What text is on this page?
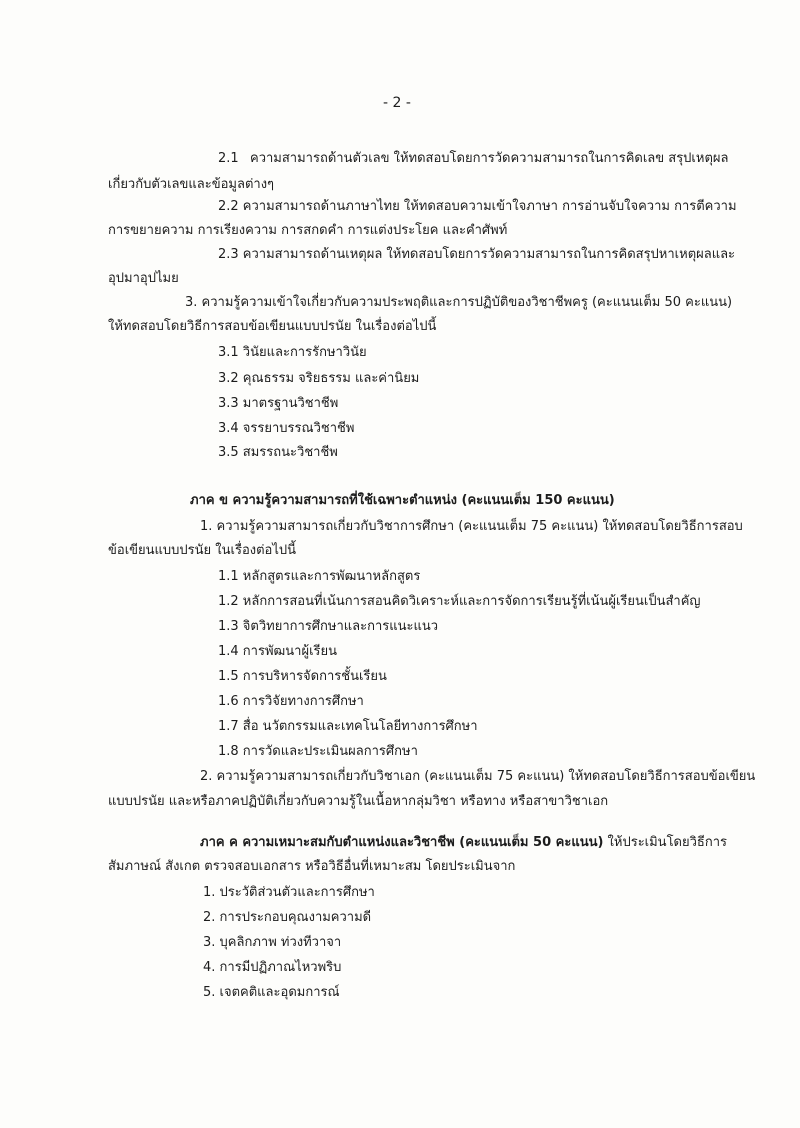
- 2 -
2.1 ความสามารถด้านตัวเลข ให้ทดสอบโดยการวัดความสามารถในการคิดเลข สรุปเหตุผล
เกี่ยวกับตัวเลขและข้อมูลต่างๆ
2.2 ความสามารถด้านภาษาไทย ให้ทดสอบความเข้าใจภาษา การอ่านจับใจความ การตีความ
การขยายความ การเรียงความ การสกดคำ การแต่งประโยค และคำศัพท์
2.3 ความสามารถด้านเหตุผล ให้ทดสอบโดยการวัดความสามารถในการคิดสรุปหาเหตุผลและ
อุปมาอุปไมย
3. ความรู้ความเข้าใจเกี่ยวกับความประพฤติและการปฏิบัติของวิชาชีพครู (คะแนนเต็ม 50 คะแนน)
ให้ทดสอบโดยวิธีการสอบข้อเขียนแบบปรนัย ในเรื่องต่อไปนี้
3.1 วินัยและการรักษาวินัย
3.2 คุณธรรม จริยธรรม และค่านิยม
3.3 มาตรฐานวิชาชีพ
3.4 จรรยาบรรณวิชาชีพ
3.5 สมรรถนะวิชาชีพ
ภาค ข ความรู้ความสามารถที่ใช้เฉพาะตำแหน่ง (คะแนนเต็ม 150 คะแนน)
1. ความรู้ความสามารถเกี่ยวกับวิชาการศึกษา (คะแนนเต็ม 75 คะแนน) ให้ทดสอบโดยวิธีการสอบ
ข้อเขียนแบบปรนัย ในเรื่องต่อไปนี้
1.1 หลักสูตรและการพัฒนาหลักสูตร
1.2 หลักการสอนที่เน้นการสอนคิดวิเคราะห์และการจัดการเรียนรู้ที่เน้นผู้เรียนเป็นสำคัญ
1.3 จิตวิทยาการศึกษาและการแนะแนว
1.4 การพัฒนาผู้เรียน
1.5 การบริหารจัดการชั้นเรียน
1.6 การวิจัยทางการศึกษา
1.7 สื่อ นวัตกรรมและเทคโนโลยีทางการศึกษา
1.8 การวัดและประเมินผลการศึกษา
2. ความรู้ความสามารถเกี่ยวกับวิชาเอก (คะแนนเต็ม 75 คะแนน) ให้ทดสอบโดยวิธีการสอบข้อเขียน
แบบปรนัย และหรือภาคปฏิบัติเกี่ยวกับความรู้ในเนื้อหากลุ่มวิชา หรือทาง หรือสาขาวิชาเอก
ภาค ค ความเหมาะสมกับตำแหน่งและวิชาชีพ (คะแนนเต็ม 50 คะแนน) ให้ประเมินโดยวิธีการ
สัมภาษณ์ สังเกต ตรวจสอบเอกสาร หรือวิธีอื่นที่เหมาะสม โดยประเมินจาก
1. ประวัติส่วนตัวและการศึกษา
2. การประกอบคุณงามความดี
3. บุคลิกภาพ ท่วงทีวาจา
4. การมีปฏิภาณไหวพริบ
5. เจตคติและอุดมการณ์
